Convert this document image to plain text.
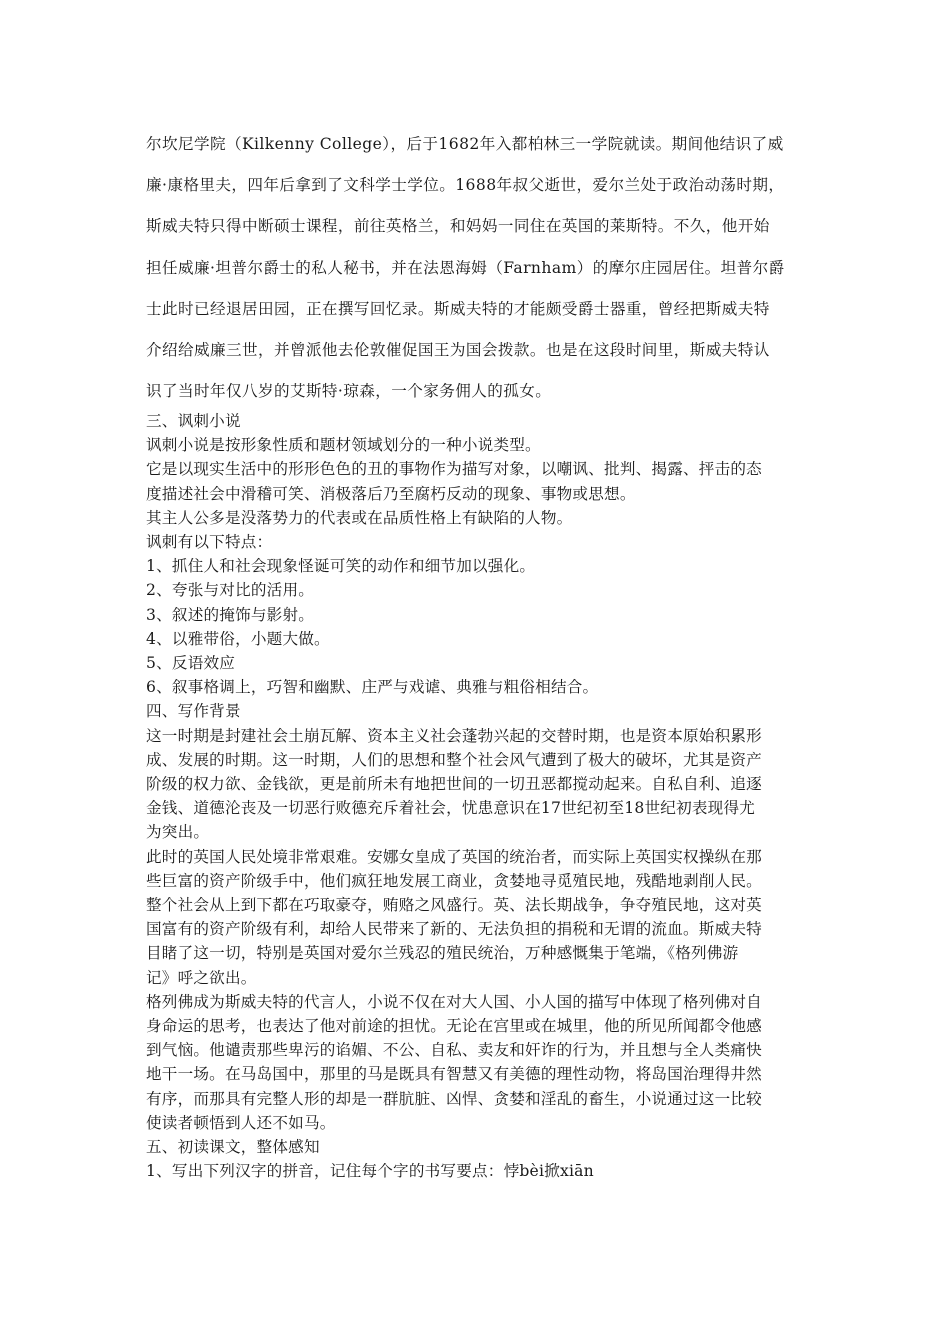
尔坎尼学院（Kilkenny College），后于1682年入都柏林三一学院就读。期间他结识了威
廉·康格里夫，四年后拿到了文科学士学位。1688年叔父逝世，爱尔兰处于政治动荡时期，
斯威夫特只得中断硕士课程，前往英格兰，和妈妈一同住在英国的莱斯特。不久，他开始
担任威廉·坦普尔爵士的私人秘书，并在法恩海姆（Farnham）的摩尔庄园居住。坦普尔爵
士此时已经退居田园，正在撰写回忆录。斯威夫特的才能颇受爵士器重，曾经把斯威夫特
介绍给威廉三世，并曾派他去伦敦催促国王为国会拨款。也是在这段时间里，斯威夫特认
识了当时年仅八岁的艾斯特·琼森，一个家务佣人的孤女。
三、讽刺小说
讽刺小说是按形象性质和题材领域划分的一种小说类型。
它是以现实生活中的形形色色的丑的事物作为描写对象，以嘲讽、批判、揭露、抨击的态
度描述社会中滑稽可笑、消极落后乃至腐朽反动的现象、事物或思想。
其主人公多是没落势力的代表或在品质性格上有缺陷的人物。
讽刺有以下特点：
1、抓住人和社会现象怪诞可笑的动作和细节加以强化。
2、夸张与对比的活用。
3、叙述的掩饰与影射。
4、以雅带俗，小题大做。
5、反语效应
6、叙事格调上，巧智和幽默、庄严与戏谑、典雅与粗俗相结合。
四、写作背景
这一时期是封建社会土崩瓦解、资本主义社会蓬勃兴起的交替时期，也是资本原始积累形
成、发展的时期。这一时期，人们的思想和整个社会风气遭到了极大的破坏，尤其是资产
阶级的权力欲、金钱欲，更是前所未有地把世间的一切丑恶都搅动起来。自私自利、追逐
金钱、道德沦丧及一切恶行败德充斥着社会，忧患意识在17世纪初至18世纪初表现得尤
为突出。
此时的英国人民处境非常艰难。安娜女皇成了英国的统治者，而实际上英国实权操纵在那
些巨富的资产阶级手中，他们疯狂地发展工商业，贪婪地寻觅殖民地，残酷地剥削人民。
整个社会从上到下都在巧取豪夺，贿赂之风盛行。英、法长期战争，争夺殖民地，这对英
国富有的资产阶级有利，却给人民带来了新的、无法负担的捐税和无谓的流血。斯威夫特
目睹了这一切，特别是英国对爱尔兰残忍的殖民统治，万种感慨集于笔端，《格列佛游
记》呼之欲出。
格列佛成为斯威夫特的代言人，小说不仅在对大人国、小人国的描写中体现了格列佛对自
身命运的思考，也表达了他对前途的担忧。无论在宫里或在城里，他的所见所闻都令他感
到气恼。他谴责那些卑污的谄媚、不公、自私、卖友和奸诈的行为，并且想与全人类痛快
地干一场。在马岛国中，那里的马是既具有智慧又有美德的理性动物，将岛国治理得井然
有序，而那具有完整人形的却是一群肮脏、凶悍、贪婪和淫乱的畜生，小说通过这一比较
使读者顿悟到人还不如马。
五、初读课文，整体感知
1、写出下列汉字的拼音，记住每个字的书写要点：悖bèi掀xiān
